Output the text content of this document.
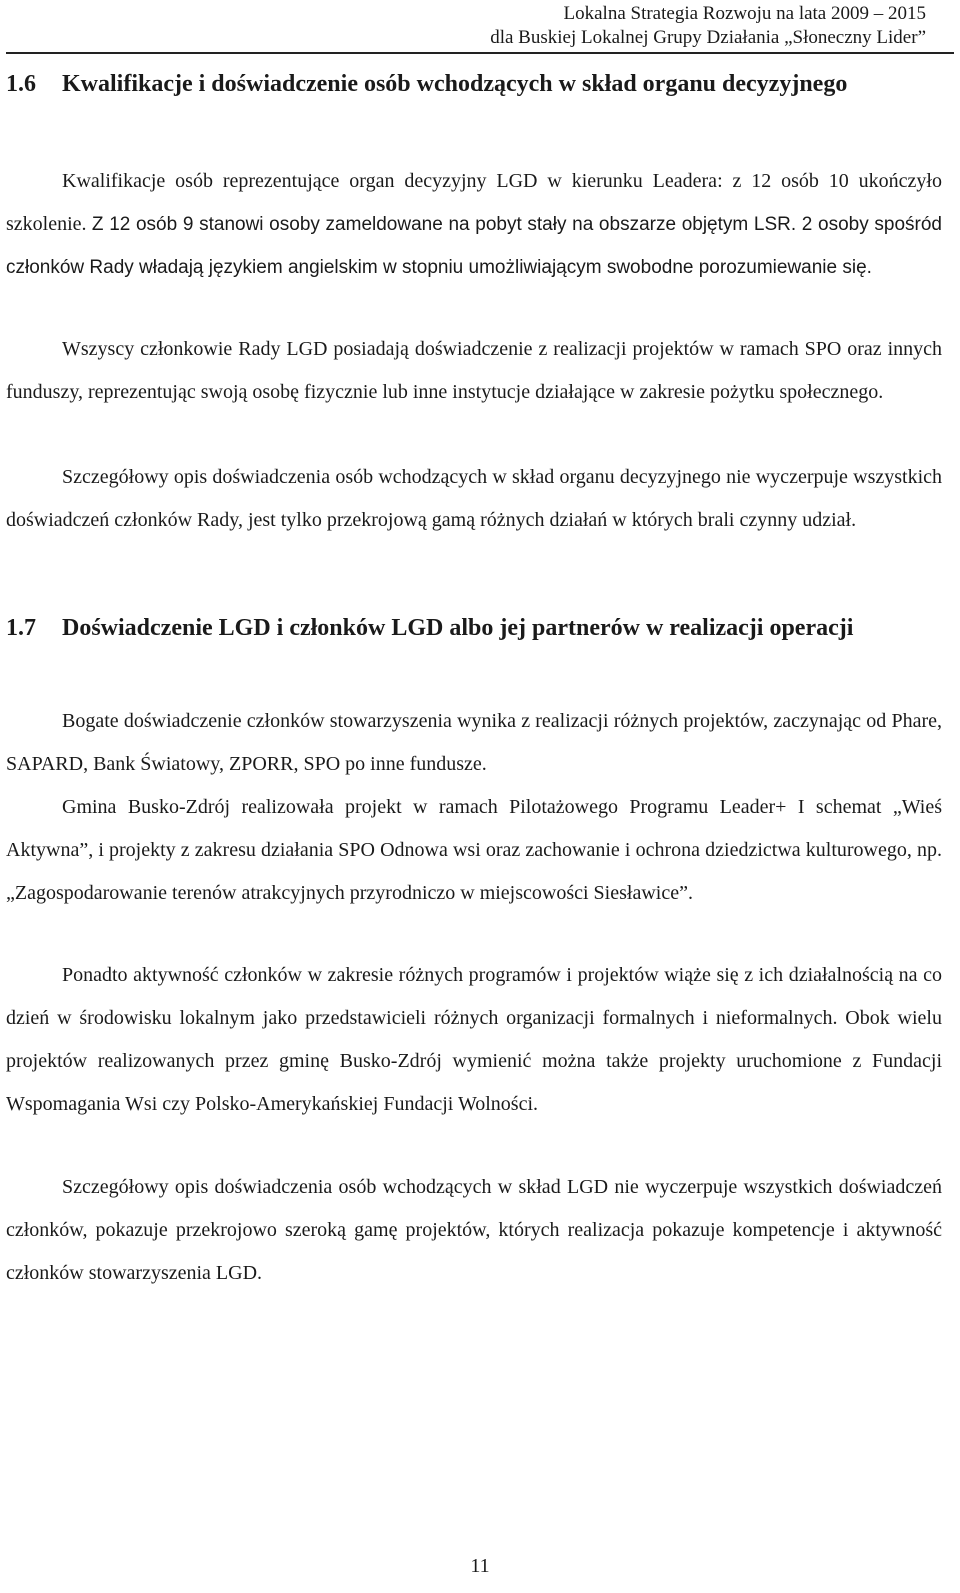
Lokalna Strategia Rozwoju na lata 2009 – 2015
dla Buskiej Lokalnej Grupy Działania „Słoneczny Lider”
1.6 Kwalifikacje i doświadczenie osób wchodzących w skład organu decyzyjnego
Kwalifikacje osób reprezentujące organ decyzyjny LGD w kierunku Leadera: z 12 osób 10 ukończyło szkolenie. Z 12 osób 9 stanowi osoby zameldowane na pobyt stały na obszarze objętym LSR. 2 osoby spośród członków Rady władają językiem angielskim w stopniu umożliwiającym swobodne porozumiewanie się.
Wszyscy członkowie Rady LGD posiadają doświadczenie z realizacji projektów w ramach SPO oraz innych funduszy, reprezentując swoją osobę fizycznie lub inne instytucje działające w zakresie pożytku społecznego.
Szczegółowy opis doświadczenia osób wchodzących w skład organu decyzyjnego nie wyczerpuje wszystkich doświadczeń członków Rady, jest tylko przekrojową gamą różnych działań w których brali czynny udział.
1.7 Doświadczenie LGD i członków LGD albo jej partnerów w realizacji operacji
Bogate doświadczenie członków stowarzyszenia wynika z realizacji różnych projektów, zaczynając od Phare, SAPARD, Bank Światowy, ZPORR, SPO po inne fundusze.
Gmina Busko-Zdrój realizowała projekt w ramach Pilotażowego Programu Leader+ I schemat „Wieś Aktywna”, i projekty z zakresu działania SPO Odnowa wsi oraz zachowanie i ochrona dziedzictwa kulturowego, np. „Zagospodarowanie terenów atrakcyjnych przyrodniczo w miejscowości Siesławice”.
Ponadto aktywność członków w zakresie różnych programów i projektów wiąże się z ich działalnością na co dzień w środowisku lokalnym jako przedstawicieli różnych organizacji formalnych i nieformalnych. Obok wielu projektów realizowanych przez gminę Busko-Zdrój wymienić można także projekty uruchomione z Fundacji Wspomagania Wsi czy Polsko-Amerykańskiej Fundacji Wolności.
Szczegółowy opis doświadczenia osób wchodzących w skład LGD nie wyczerpuje wszystkich doświadczeń członków, pokazuje przekrojowo szeroką gamę projektów, których realizacja pokazuje kompetencje i aktywność członków stowarzyszenia LGD.
11
